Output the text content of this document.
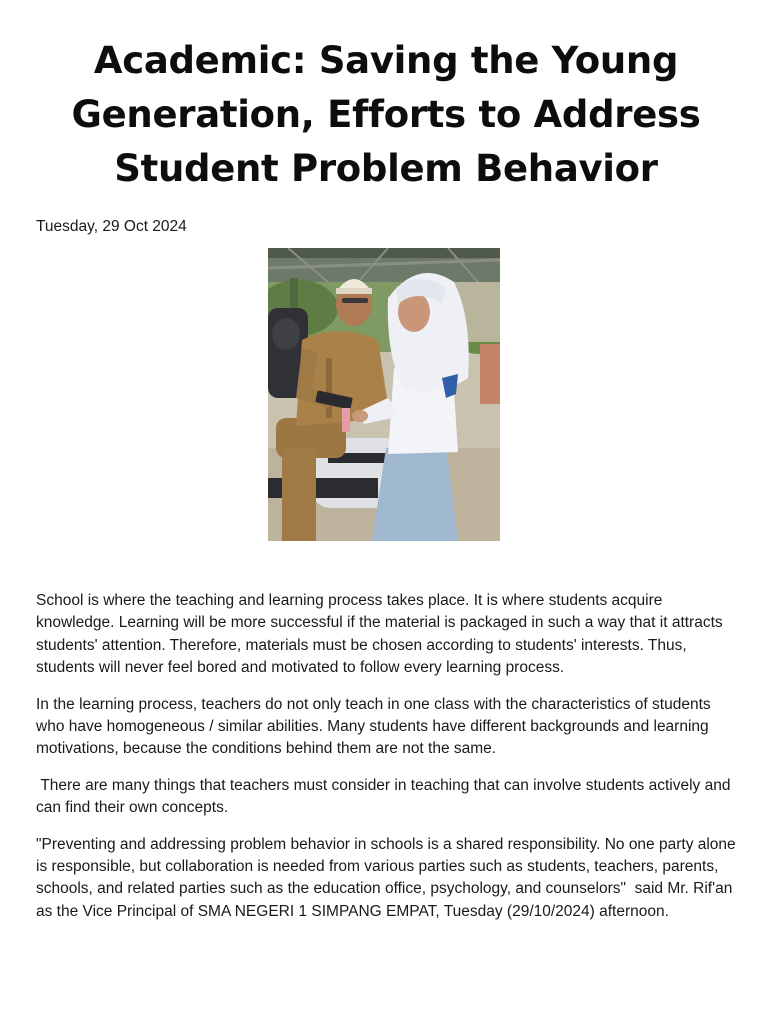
Academic: Saving the Young Generation, Efforts to Address Student Problem Behavior
Tuesday, 29 Oct 2024

School is where the teaching and learning process takes place. It is where students acquire knowledge. Learning will be more successful if the material is packaged in such a way that it attracts students' attention. Therefore, materials must be chosen according to students' interests. Thus, students will never feel bored and motivated to follow every learning process.

In the learning process, teachers do not only teach in one class with the characteristics of students who have homogeneous / similar abilities. Many students have different backgrounds and learning motivations, because the conditions behind them are not the same.

There are many things that teachers must consider in teaching that can involve students actively and can find their own concepts.

"Preventing and addressing problem behavior in schools is a shared responsibility. No one party alone is responsible, but collaboration is needed from various parties such as students, teachers, parents, schools, and related parties such as the education office, psychology, and counselors"  said Mr. Rif'an as the Vice Principal of SMA NEGERI 1 SIMPANG EMPAT, Tuesday (29/10/2024) afternoon.
